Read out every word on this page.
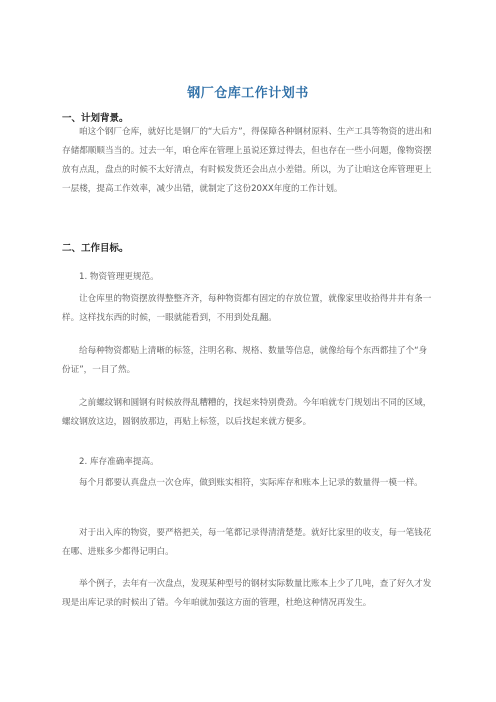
钢厂仓库工作计划书
一、计划背景。

咱这个钢厂仓库，就好比是钢厂的“大后方”，得保障各种钢材原料、生产工具等物资的进出和存储都顺顺当当的。过去一年，咱仓库在管理上虽说还算过得去，但也存在一些小问题，像物资摆放有点乱，盘点的时候不太好清点，有时候发货还会出点小差错。所以，为了让咱这仓库管理更上一层楼，提高工作效率，减少出错，就制定了这份20XX年度的工作计划。

二、工作目标。
1. 物资管理更规范。

让仓库里的物资摆放得整整齐齐，每种物资都有固定的存放位置，就像家里收拾得井井有条一样。这样找东西的时候，一眼就能看到，不用到处乱翻。

给每种物资都贴上清晰的标签，注明名称、规格、数量等信息，就像给每个东西都挂了个“身份证”，一目了然。

之前螺纹钢和圆钢有时候放得乱糟糟的，找起来特别费劲。今年咱就专门规划出不同的区域，螺纹钢放这边，圆钢放那边，再贴上标签，以后找起来就方便多。

2. 库存准确率提高。

每个月都要认真盘点一次仓库，做到账实相符，实际库存和账本上记录的数量得一模一样。

对于出入库的物资，要严格把关，每一笔都记录得清清楚楚。就好比家里的收支，每一笔钱花在哪、进账多少都得记明白。

举个例子，去年有一次盘点，发现某种型号的钢材实际数量比账本上少了几吨，查了好久才发现是出库记录的时候出了错。今年咱就加强这方面的管理，杜绝这种情况再发生。
